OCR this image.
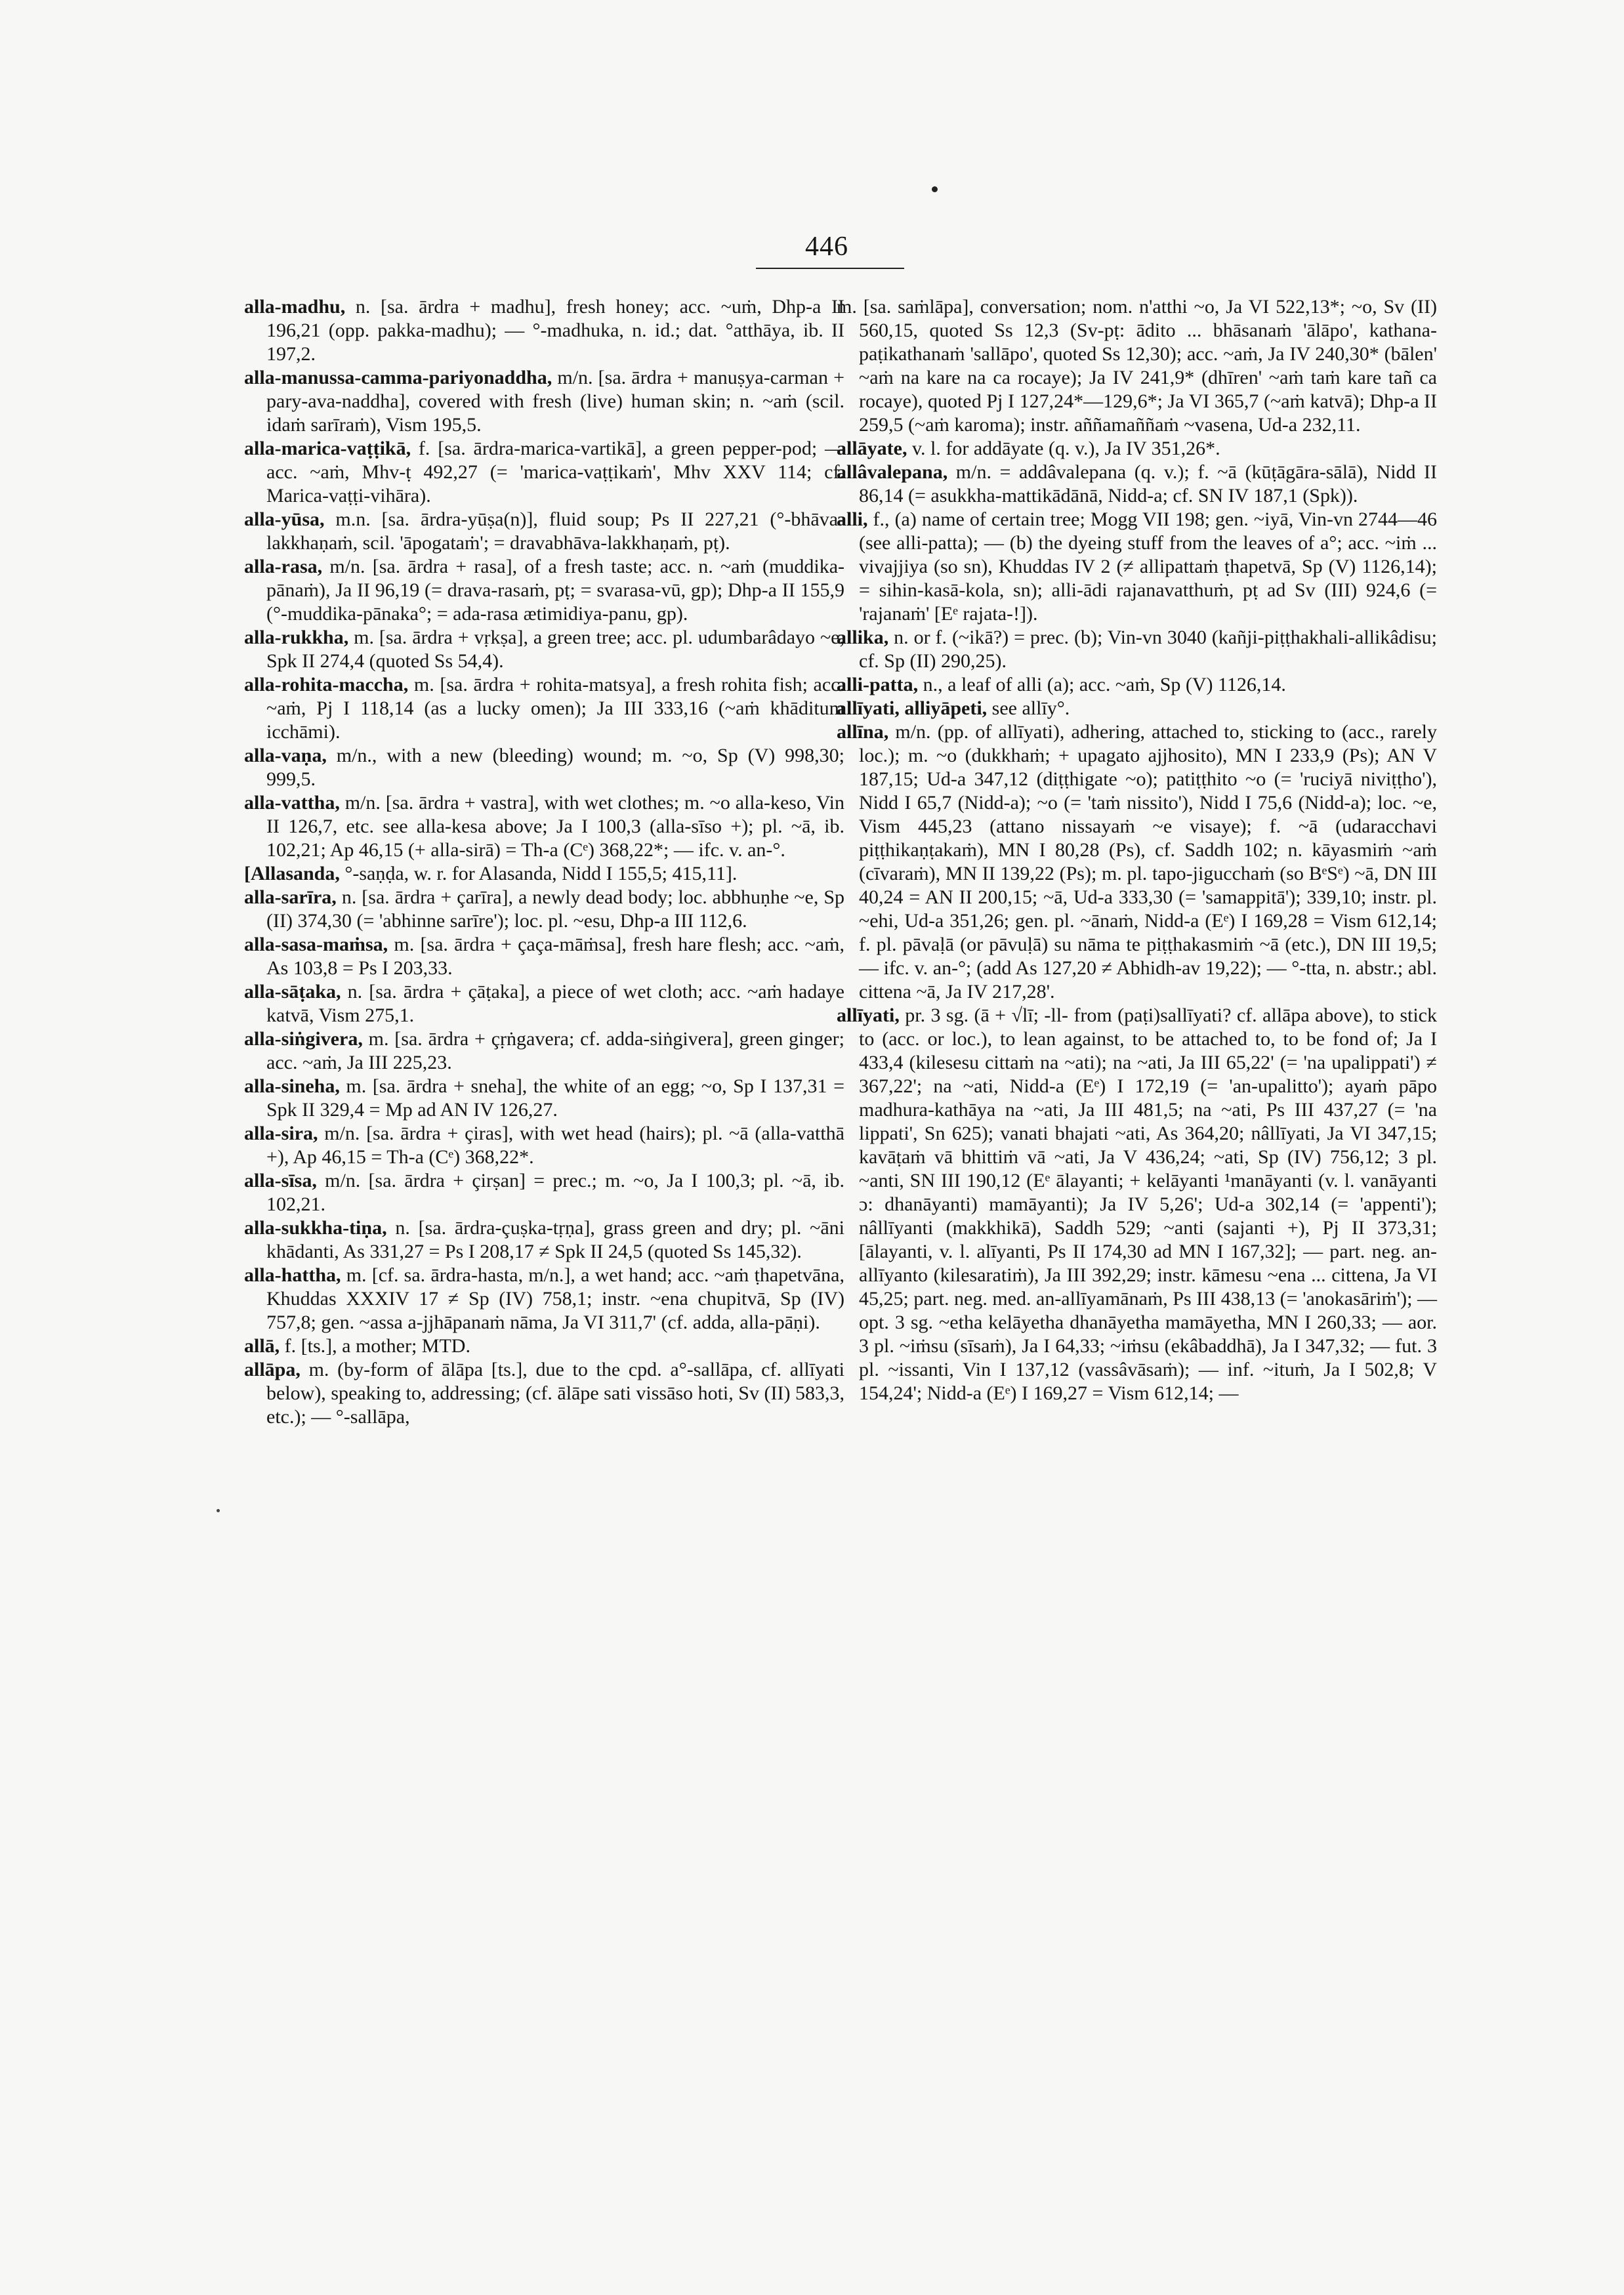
446

alla-madhu, n. [sa. ārdra + madhu], fresh honey; acc. ~uṁ, Dhp-a II 196,21 (opp. pakka-madhu); — °-madhuka, n. id.; dat. °atthāya, ib. II 197,2.

alla-manussa-camma-pariyonaddha, m/n. [sa. ārdra + manuṣya-carman + pary-ava-naddha], covered with fresh (live) human skin; n. ~aṁ (scil. idaṁ sarīraṁ), Vism 195,5.

alla-marica-vaṭṭikā, f. [sa. ārdra-marica-vartikā], a green pepper-pod; — acc. ~aṁ, Mhv-ṭ 492,27 (= 'marica-vaṭṭikaṁ', Mhv XXV 114; cf. Marica-vaṭṭi-vihāra).

alla-yūsa, m.n. [sa. ārdra-yūṣa(n)], fluid soup; Ps II 227,21 (°-bhāva-lakkhaṇaṁ, scil. 'āpogataṁ'; = dravabhāva-lakkhaṇaṁ, pṭ).

alla-rasa, m/n. [sa. ārdra + rasa], of a fresh taste; acc. n. ~aṁ (muddika-pānaṁ), Ja II 96,19 (= drava-rasaṁ, pṭ; = svarasa-vū, gp); Dhp-a II 155,9 (°-muddika-pānaka°; = ada-rasa ætimidiya-panu, gp).

alla-rukkha, m. [sa. ārdra + vṛkṣa], a green tree; acc. pl. udumbarâdayo ~e, Spk II 274,4 (quoted Ss 54,4).

alla-rohita-maccha, m. [sa. ārdra + rohita-matsya], a fresh rohita fish; acc. ~aṁ, Pj I 118,14 (as a lucky omen); Ja III 333,16 (~aṁ khāditum icchāmi).

alla-vaṇa, m/n., with a new (bleeding) wound; m. ~o, Sp (V) 998,30; 999,5.

alla-vattha, m/n. [sa. ārdra + vastra], with wet clothes; m. ~o alla-keso, Vin II 126,7, etc. see alla-kesa above; Ja I 100,3 (alla-sīso +); pl. ~ā, ib. 102,21; Ap 46,15 (+ alla-sirā) = Th-a (Cᵉ) 368,22*; — ifc. v. an-°.

[Allasanda, °-saṇḍa, w. r. for Alasanda, Nidd I 155,5; 415,11].

alla-sarīra, n. [sa. ārdra + çarīra], a newly dead body; loc. abbhuṇhe ~e, Sp (II) 374,30 (= 'abhinne sarīre'); loc. pl. ~esu, Dhp-a III 112,6.

alla-sasa-maṁsa, m. [sa. ārdra + çaça-māṁsa], fresh hare flesh; acc. ~aṁ, As 103,8 = Ps I 203,33.

alla-sāṭaka, n. [sa. ārdra + çāṭaka], a piece of wet cloth; acc. ~aṁ hadaye katvā, Vism 275,1.

alla-siṅgivera, m. [sa. ārdra + çṛṅgavera; cf. adda-siṅgivera], green ginger; acc. ~aṁ, Ja III 225,23.

alla-sineha, m. [sa. ārdra + sneha], the white of an egg; ~o, Sp I 137,31 = Spk II 329,4 = Mp ad AN IV 126,27.

alla-sira, m/n. [sa. ārdra + çiras], with wet head (hairs); pl. ~ā (alla-vatthā +), Ap 46,15 = Th-a (Cᵉ) 368,22*.

alla-sīsa, m/n. [sa. ārdra + çirṣan] = prec.; m. ~o, Ja I 100,3; pl. ~ā, ib. 102,21.

alla-sukkha-tiṇa, n. [sa. ārdra-çuṣka-tṛṇa], grass green and dry; pl. ~āni khādanti, As 331,27 = Ps I 208,17 ≠ Spk II 24,5 (quoted Ss 145,32).

alla-hattha, m. [cf. sa. ārdra-hasta, m/n.], a wet hand; acc. ~aṁ ṭhapetvāna, Khuddas XXXIV 17 ≠ Sp (IV) 758,1; instr. ~ena chupitvā, Sp (IV) 757,8; gen. ~assa a-jjhāpanaṁ nāma, Ja VI 311,7' (cf. adda, alla-pāṇi).

allā, f. [ts.], a mother; MTD.

allāpa, m. (by-form of ālāpa [ts.], due to the cpd. a°-sallāpa, cf. allīyati below), speaking to, addressing; (cf. ālāpe sati vissāso hoti, Sv (II) 583,3, etc.); — °-sallāpa,

m. [sa. saṁlāpa], conversation; nom. n'atthi ~o, Ja VI 522,13*; ~o, Sv (II) 560,15, quoted Ss 12,3 (Sv-pṭ: ādito ... bhāsanaṁ 'ālāpo', kathana-paṭikathanaṁ 'sallāpo', quoted Ss 12,30); acc. ~aṁ, Ja IV 240,30* (bālen' ~aṁ na kare na ca rocaye); Ja IV 241,9* (dhīren' ~aṁ taṁ kare tañ ca rocaye), quoted Pj I 127,24*—129,6*; Ja VI 365,7 (~aṁ katvā); Dhp-a II 259,5 (~aṁ karoma); instr. aññamaññaṁ ~vasena, Ud-a 232,11.

allāyate, v. l. for addāyate (q. v.), Ja IV 351,26*.

allâvalepana, m/n. = addâvalepana (q. v.); f. ~ā (kūṭāgāra-sālā), Nidd II 86,14 (= asukkha-mattikādānā, Nidd-a; cf. SN IV 187,1 (Spk)).

alli, f., (a) name of certain tree; Mogg VII 198; gen. ~iyā, Vin-vn 2744—46 (see alli-patta); — (b) the dyeing stuff from the leaves of a°; acc. ~iṁ ... vivajjiya (so sn), Khuddas IV 2 (≠ allipattaṁ ṭhapetvā, Sp (V) 1126,14); = sihin-kasā-kola, sn); alli-ādi rajanavatthuṁ, pṭ ad Sv (III) 924,6 (= 'rajanaṁ' [Eᵉ rajata-!]).

allika, n. or f. (~ikā?) = prec. (b); Vin-vn 3040 (kañji-piṭṭhakhali-allikâdisu; cf. Sp (II) 290,25).

alli-patta, n., a leaf of alli (a); acc. ~aṁ, Sp (V) 1126,14.

allīyati, alliyāpeti, see allīy°.

allīna, m/n. (pp. of allīyati), adhering, attached to, sticking to (acc., rarely loc.); m. ~o (dukkhaṁ; + upagato ajjhosito), MN I 233,9 (Ps); AN V 187,15; Ud-a 347,12 (diṭṭhigate ~o); patiṭṭhito ~o (= 'ruciyā niviṭṭho'), Nidd I 65,7 (Nidd-a); ~o (= 'taṁ nissito'), Nidd I 75,6 (Nidd-a); loc. ~e, Vism 445,23 (attano nissayaṁ ~e visaye); f. ~ā (udaracchavi piṭṭhikaṇṭakaṁ), MN I 80,28 (Ps), cf. Saddh 102; n. kāyasmiṁ ~aṁ (cīvaraṁ), MN II 139,22 (Ps); m. pl. tapo-jigucchaṁ (so BᵉSᵉ) ~ā, DN III 40,24 = AN II 200,15; ~ā, Ud-a 333,30 (= 'samappitā'); 339,10; instr. pl. ~ehi, Ud-a 351,26; gen. pl. ~ānaṁ, Nidd-a (Eᵉ) I 169,28 = Vism 612,14; f. pl. pāvaḷā (or pāvuḷā) su nāma te piṭṭhakasmiṁ ~ā (etc.), DN III 19,5; — ifc. v. an-°; (add As 127,20 ≠ Abhidh-av 19,22); — °-tta, n. abstr.; abl. cittena ~ā, Ja IV 217,28'.

allīyati, pr. 3 sg. (ā + √lī; -ll- from (paṭi)sallīyati? cf. allāpa above), to stick to (acc. or loc.), to lean against, to be attached to, to be fond of; Ja I 433,4 (kilesesu cittaṁ na ~ati); na ~ati, Ja III 65,22' (= 'na upalippati') ≠ 367,22'; na ~ati, Nidd-a (Eᵉ) I 172,19 (= 'an-upalitto'); ayaṁ pāpo madhura-kathāya na ~ati, Ja III 481,5; na ~ati, Ps III 437,27 (= 'na lippati', Sn 625); vanati bhajati ~ati, As 364,20; nâllīyati, Ja VI 347,15; kavāṭaṁ vā bhittiṁ vā ~ati, Ja V 436,24; ~ati, Sp (IV) 756,12; 3 pl. ~anti, SN III 190,12 (Eᵉ ālayanti; + kelāyanti ¹manāyanti (v. l. vanāyanti ɔ: dhanāyanti) mamāyanti); Ja IV 5,26'; Ud-a 302,14 (= 'appenti'); nâllīyanti (makkhikā), Saddh 529; ~anti (sajanti +), Pj II 373,31; [ālayanti, v. l. alīyanti, Ps II 174,30 ad MN I 167,32]; — part. neg. an-allīyanto (kilesaratiṁ), Ja III 392,29; instr. kāmesu ~ena ... cittena, Ja VI 45,25; part. neg. med. an-allīyamānaṁ, Ps III 438,13 (= 'anokasāriṁ'); — opt. 3 sg. ~etha kelāyetha dhanāyetha mamāyetha, MN I 260,33; — aor. 3 pl. ~iṁsu (sīsaṁ), Ja I 64,33; ~iṁsu (ekâbaddhā), Ja I 347,32; — fut. 3 pl. ~issanti, Vin I 137,12 (vassâvāsaṁ); — inf. ~ituṁ, Ja I 502,8; V 154,24'; Nidd-a (Eᵉ) I 169,27 = Vism 612,14; —
